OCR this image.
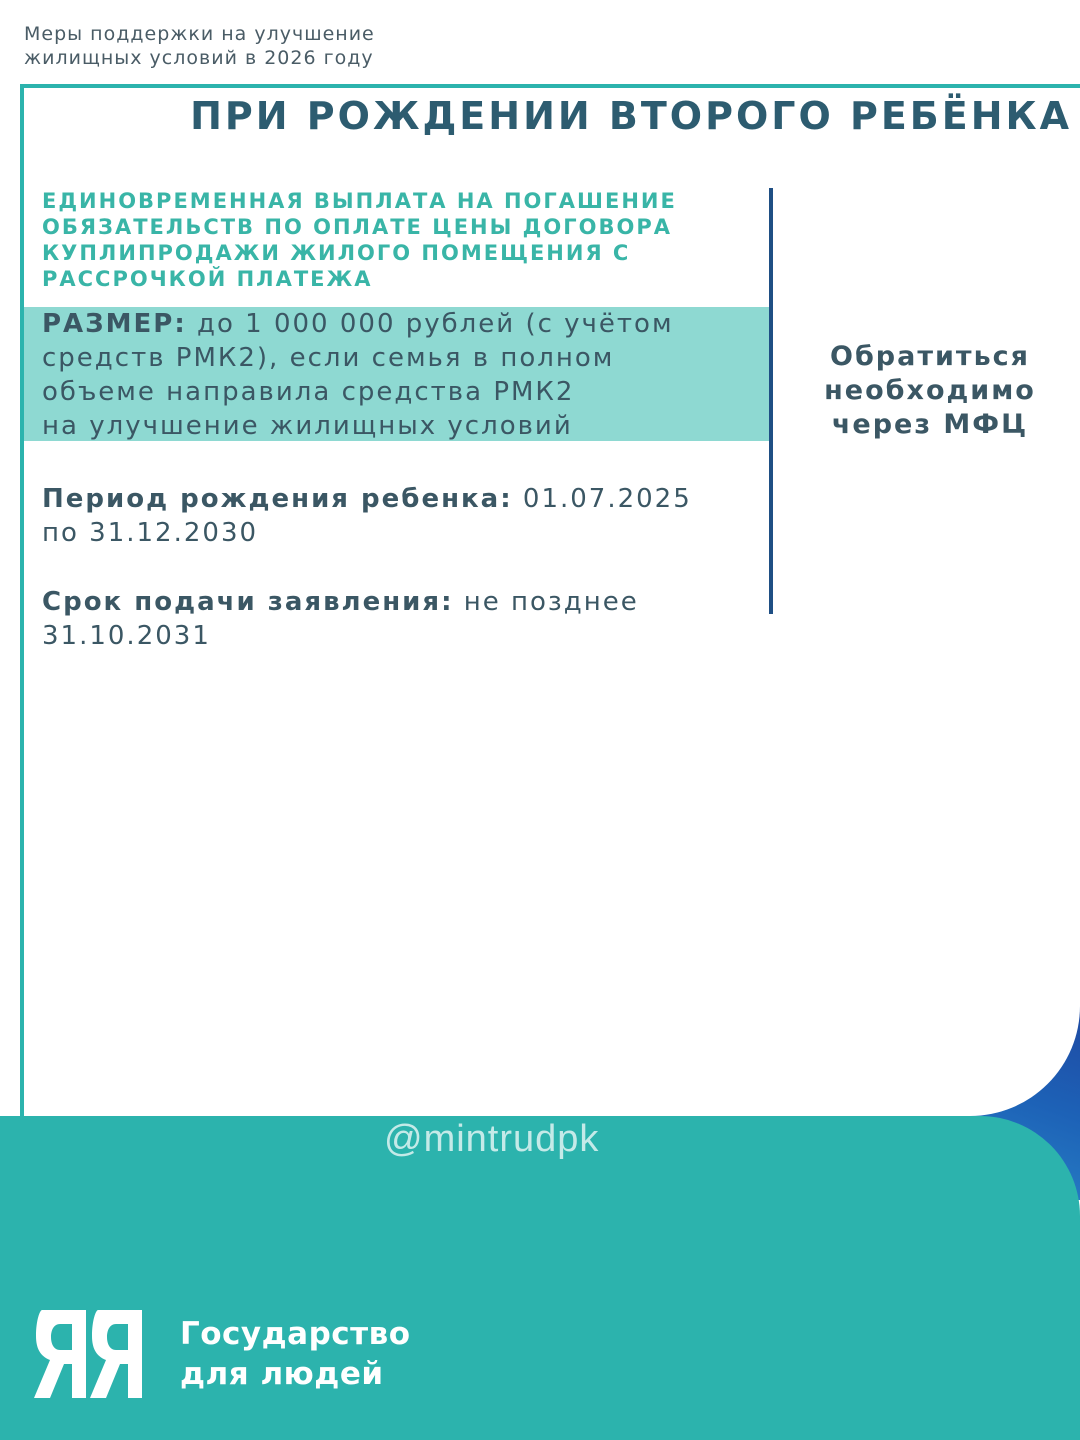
Меры поддержки на улучшение
жилищных условий в 2026 году
ПРИ РОЖДЕНИИ ВТОРОГО РЕБЁНКА
ЕДИНОВРЕМЕННАЯ ВЫПЛАТА НА ПОГАШЕНИЕ
ОБЯЗАТЕЛЬСТВ ПО ОПЛАТЕ ЦЕНЫ ДОГОВОРА
КУПЛИПРОДАЖИ ЖИЛОГО ПОМЕЩЕНИЯ С
РАССРОЧКОЙ ПЛАТЕЖА
РАЗМЕР: до 1 000 000 рублей (с учётом
средств РМК2), если семья в полном
объеме направила средства РМК2
на улучшение жилищных условий
Период рождения ребенка: 01.07.2025
по 31.12.2030
Срок подачи заявления: не позднее
31.10.2031
Обратиться
необходимо
через МФЦ
@mintrudpk
Государство
для людей
